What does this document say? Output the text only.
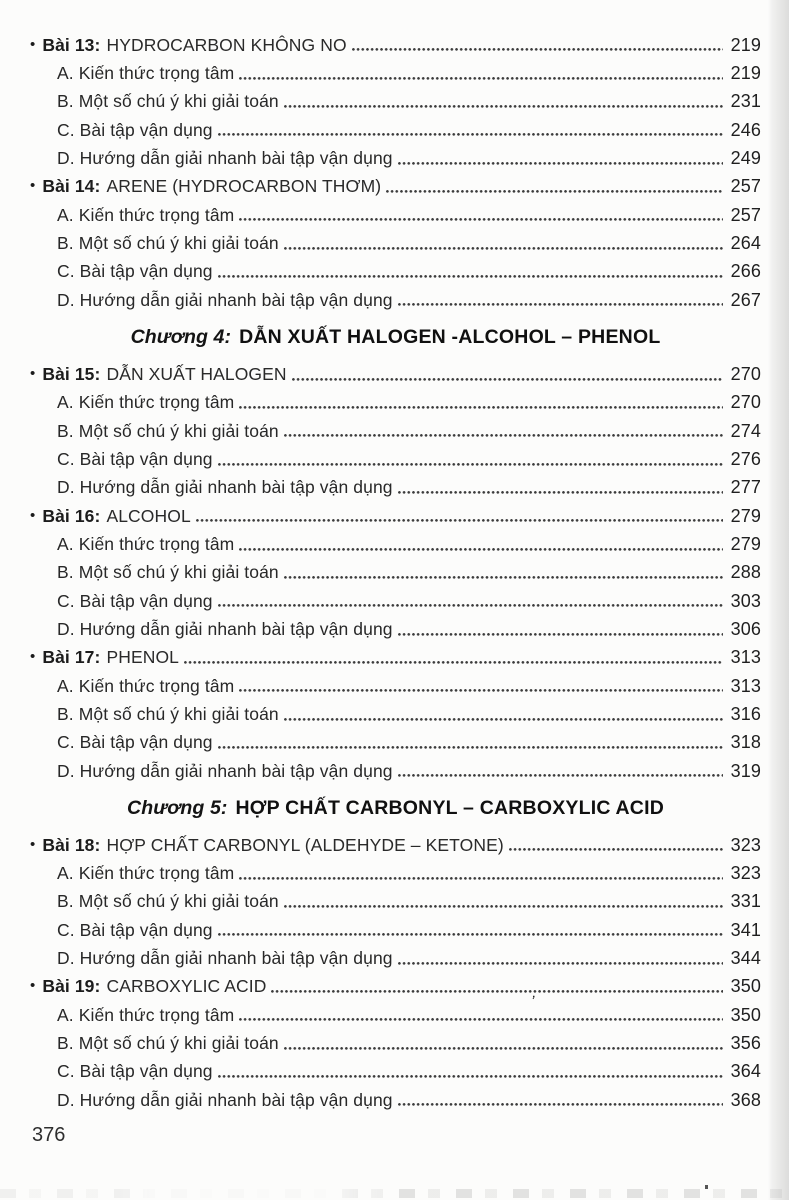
• Bài 13: HYDROCARBON KHÔNG NO	219
A. Kiến thức trọng tâm	219
B. Một số chú ý khi giải toán	231
C. Bài tập vận dụng	246
D. Hướng dẫn giải nhanh bài tập vận dụng	249
• Bài 14: ARENE (HYDROCARBON THƠM)	257
A. Kiến thức trọng tâm	257
B. Một số chú ý khi giải toán	264
C. Bài tập vận dụng	266
D. Hướng dẫn giải nhanh bài tập vận dụng	267
Chương 4: DẪN XUẤT HALOGEN -ALCOHOL – PHENOL
• Bài 15: DẪN XUẤT HALOGEN	270
A. Kiến thức trọng tâm	270
B. Một số chú ý khi giải toán	274
C. Bài tập vận dụng	276
D. Hướng dẫn giải nhanh bài tập vận dụng	277
• Bài 16: ALCOHOL	279
A. Kiến thức trọng tâm	279
B. Một số chú ý khi giải toán	288
C. Bài tập vận dụng	303
D. Hướng dẫn giải nhanh bài tập vận dụng	306
• Bài 17: PHENOL	313
A. Kiến thức trọng tâm	313
B. Một số chú ý khi giải toán	316
C. Bài tập vận dụng	318
D. Hướng dẫn giải nhanh bài tập vận dụng	319
Chương 5: HỢP CHẤT CARBONYL – CARBOXYLIC ACID
• Bài 18: HỢP CHẤT CARBONYL (ALDEHYDE – KETONE)	323
A. Kiến thức trọng tâm	323
B. Một số chú ý khi giải toán	331
C. Bài tập vận dụng	341
D. Hướng dẫn giải nhanh bài tập vận dụng	344
• Bài 19: CARBOXYLIC ACID	350
A. Kiến thức trọng tâm	350
B. Một số chú ý khi giải toán	356
C. Bài tập vận dụng	364
D. Hướng dẫn giải nhanh bài tập vận dụng	368
376
’
